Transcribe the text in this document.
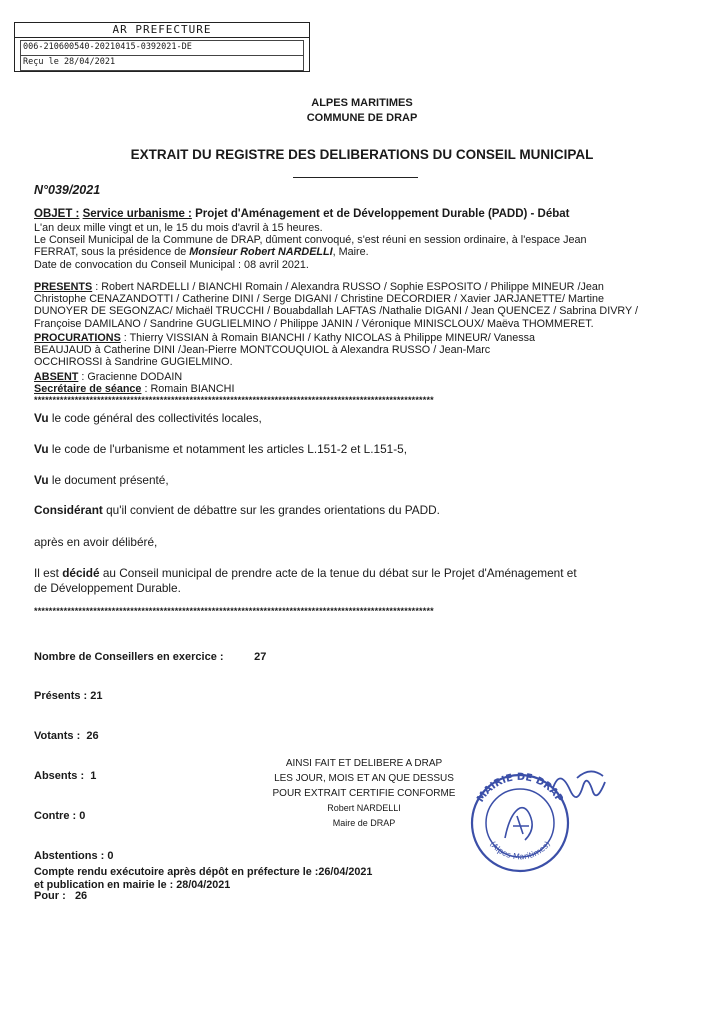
AR PREFECTURE
006-210600540-20210415-0392021-DE
Reçu le 28/04/2021
ALPES MARITIMES
COMMUNE DE DRAP
EXTRAIT DU REGISTRE DES DELIBERATIONS DU CONSEIL MUNICIPAL
N°039/2021
OBJET : Service urbanisme : Projet d'Aménagement et de Développement Durable (PADD) - Débat
L'an deux mille vingt et un, le 15 du mois d'avril à 15 heures.
Le Conseil Municipal de la Commune de DRAP, dûment convoqué, s'est réuni en session ordinaire, à l'espace Jean
FERRAT, sous la présidence de Monsieur Robert NARDELLI, Maire.
Date de convocation du Conseil Municipal : 08 avril 2021.
PRESENTS : Robert NARDELLI / BIANCHI Romain / Alexandra RUSSO / Sophie ESPOSITO / Philippe MINEUR /Jean
Christophe CENAZANDOTTI / Catherine DINI / Serge DIGANI / Christine DECORDIER / Xavier JARJANETTE/ Martine
DUNOYER DE SEGONZAC/ Michaël TRUCCHI / Bouabdallah LAFTAS /Nathalie DIGANI / Jean QUENCEZ / Sabrina DIVRY /
Françoise DAMILANO / Sandrine GUGLIELMINO / Philippe JANIN / Véronique MINISCLOUX/ Maëva THOMMERET.
PROCURATIONS : Thierry VISSIAN à Romain BIANCHI / Kathy NICOLAS à Philippe MINEUR/ Vanessa
BEAUJAUD à Catherine DINI /Jean-Pierre MONTCOUQUIOL à Alexandra RUSSO / Jean-Marc
OCCHIROSSI à Sandrine GUGIELMINO.
ABSENT : Gracienne DODAIN
Secrétaire de séance : Romain BIANCHI
************************************************************************************************************
Vu le code général des collectivités locales,
Vu le code de l'urbanisme et notamment les articles L.151-2 et L.151-5,
Vu le document présenté,
Considérant qu'il convient de débattre sur les grandes orientations du PADD.
après en avoir délibéré,
Il est décidé au Conseil municipal de prendre acte de la tenue du débat sur le Projet d'Aménagement et
de Développement Durable.
************************************************************************************************************

Nombre de Conseillers en exercice :          27

Présents : 21

Votants :  26

Absents :  1

Contre : 0

Abstentions : 0

Pour :   26

AINSI FAIT ET DELIBERE A DRAP
LES JOUR, MOIS ET AN QUE DESSUS
POUR EXTRAIT CERTIFIE CONFORME
Robert NARDELLI
Maire de DRAP
MAIRIE DE DRAP
(Alpes-Maritimes)
Compte rendu exécutoire après dépôt en préfecture le :26/04/2021
et publication en mairie le : 28/04/2021
